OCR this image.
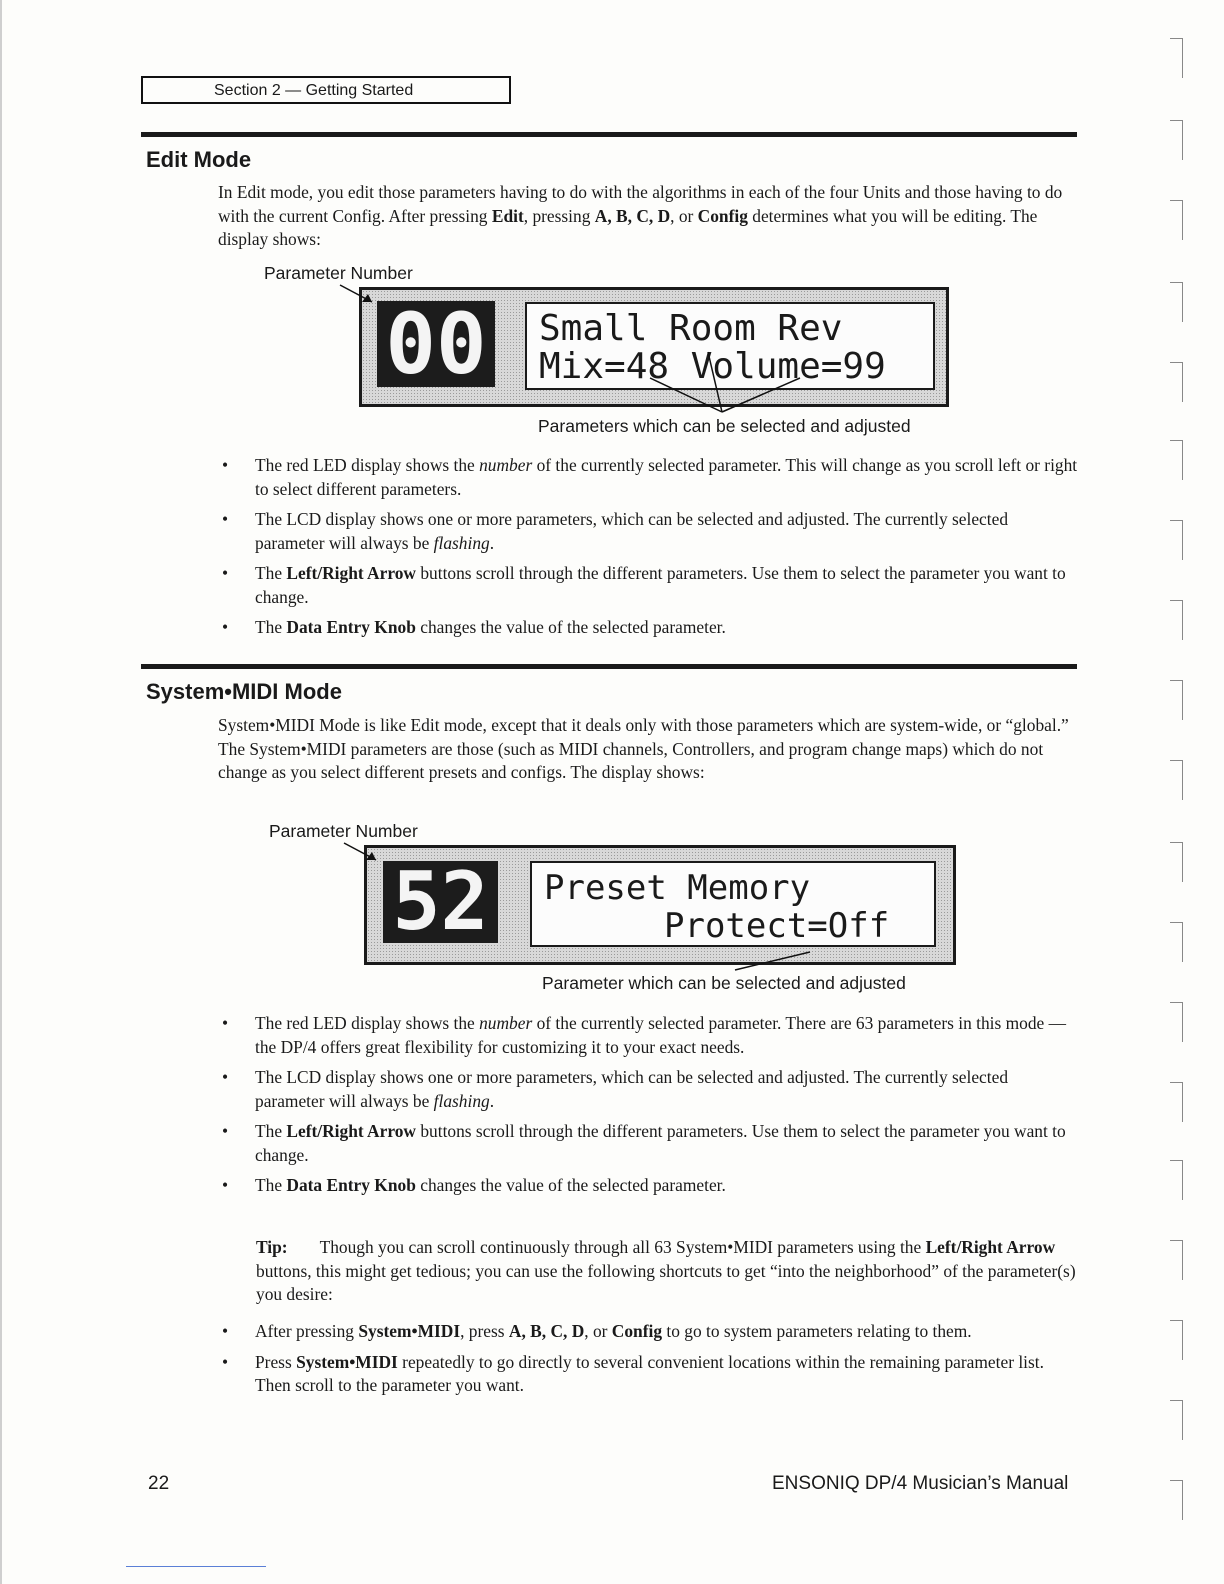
Section 2 — Getting Started
Edit Mode
In Edit mode, you edit those parameters having to do with the algorithms in each of the four Units and those having to do with the current Config. After pressing Edit, pressing A, B, C, D, or Config determines what you will be editing. The display shows:
Parameter Number
00 Small Room Rev
Mix=48 Volume=99
Parameters which can be selected and adjusted
• The red LED display shows the number of the currently selected parameter. This will change as you scroll left or right to select different parameters.
• The LCD display shows one or more parameters, which can be selected and adjusted. The currently selected parameter will always be flashing.
• The Left/Right Arrow buttons scroll through the different parameters. Use them to select the parameter you want to change.
• The Data Entry Knob changes the value of the selected parameter.
System•MIDI Mode
System•MIDI Mode is like Edit mode, except that it deals only with those parameters which are system-wide, or “global.” The System•MIDI parameters are those (such as MIDI channels, Controllers, and program change maps) which do not change as you select different presets and configs. The display shows:
Parameter Number
52 Preset Memory
Protect=Off
Parameter which can be selected and adjusted
• The red LED display shows the number of the currently selected parameter. There are 63 parameters in this mode — the DP/4 offers great flexibility for customizing it to your exact needs.
• The LCD display shows one or more parameters, which can be selected and adjusted. The currently selected parameter will always be flashing.
• The Left/Right Arrow buttons scroll through the different parameters. Use them to select the parameter you want to change.
• The Data Entry Knob changes the value of the selected parameter.
Tip: Though you can scroll continuously through all 63 System•MIDI parameters using the Left/Right Arrow buttons, this might get tedious; you can use the following shortcuts to get “into the neighborhood” of the parameter(s) you desire:
• After pressing System•MIDI, press A, B, C, D, or Config to go to system parameters relating to them.
• Press System•MIDI repeatedly to go directly to several convenient locations within the remaining parameter list. Then scroll to the parameter you want.
22	ENSONIQ DP/4 Musician’s Manual
